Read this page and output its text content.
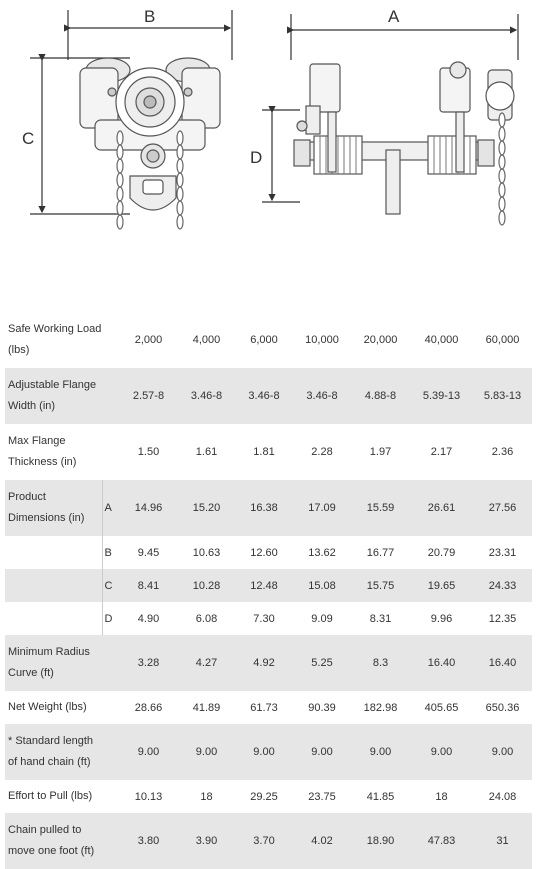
B
C
A
D
Safe Working Load (lbs)		2,000	4,000	6,000	10,000	20,000	40,000	60,000
Adjustable Flange Width (in)		2.57-8	3.46-8	3.46-8	3.46-8	4.88-8	5.39-13	5.83-13
Max Flange Thickness (in)		1.50	1.61	1.81	2.28	1.97	2.17	2.36
Product Dimensions (in)	A	14.96	15.20	16.38	17.09	15.59	26.61	27.56
	B	9.45	10.63	12.60	13.62	16.77	20.79	23.31
	C	8.41	10.28	12.48	15.08	15.75	19.65	24.33
	D	4.90	6.08	7.30	9.09	8.31	9.96	12.35
Minimum Radius Curve (ft)		3.28	4.27	4.92	5.25	8.3	16.40	16.40
Net Weight (lbs)		28.66	41.89	61.73	90.39	182.98	405.65	650.36
* Standard length of hand chain (ft)		9.00	9.00	9.00	9.00	9.00	9.00	9.00
Effort to Pull (lbs)		10.13	18	29.25	23.75	41.85	18	24.08
Chain pulled to move one foot (ft)		3.80	3.90	3.70	4.02	18.90	47.83	31
